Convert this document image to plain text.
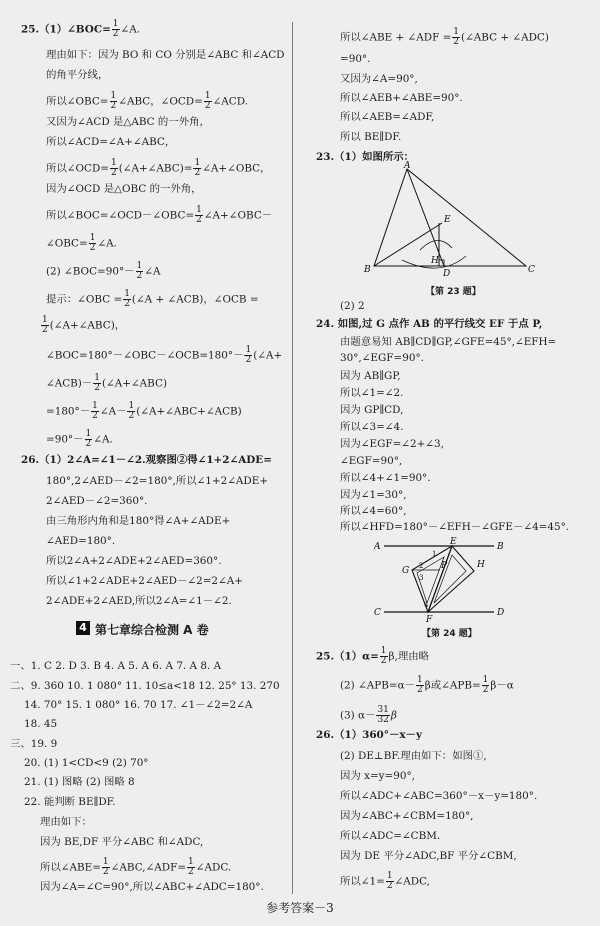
25.（1）∠BOC= $\frac{1}{2}$ ∠A.
理由如下：因为 BO 和 CO 分别是∠ABC 和∠ACD
的角平分线，
所以∠OBC= $\frac{1}{2}$ ∠ABC，∠OCD= $\frac{1}{2}$ ∠ACD.
又因为∠ACD 是△ABC 的一外角，
所以∠ACD=∠A+∠ABC，
所以∠OCD= $\frac{1}{2}$ (∠A+∠ABC)= $\frac{1}{2}$ ∠A+∠OBC，
因为∠OCD 是△OBC 的一外角，
所以∠BOC=∠OCD－∠OBC= $\frac{1}{2}$ ∠A+∠OBC－
∠OBC= $\frac{1}{2}$ ∠A.
(2) ∠BOC=90°－ $\frac{1}{2}$ ∠A
提示：∠OBC = $\frac{1}{2}$ (∠A + ∠ACB)，∠OCB =
$\frac{1}{2}$ (∠A+∠ABC)，
∠BOC=180°－∠OBC－∠OCB=180°－ $\frac{1}{2}$ (∠A+
∠ACB)－ $\frac{1}{2}$ (∠A+∠ABC)
$=180^\circ- \frac{1}{2}$ ∠A－ $\frac{1}{2}$ (∠A+∠ABC+∠ACB)
$=90^\circ- \frac{1}{2}$ ∠A.
26.（1）2∠A=∠1－∠2.观察图②得∠1+2∠ADE=
180°,2∠AED－∠2=180°,所以∠1+2∠ADE+
2∠AED－∠2=360°.
由三角形内角和是180°得∠A+∠ADE+
∠AED=180°.
所以2∠A+2∠ADE+2∠AED=360°.
所以∠1+2∠ADE+2∠AED－∠2=2∠A+
2∠ADE+2∠AED,所以2∠A=∠1－∠2.
4 第七章综合检测 A 卷
一、1. C 2. D 3. B 4. A 5. A 6. A 7. A 8. A
二、9. 360 10. 1 080° 11. 10≤a<18 12. 25° 13. 270
14. 70° 15. 1 080° 16. 70 17. ∠1－∠2=2∠A
18. 45
三、19. 9
20. (1) 1<CD<9 (2) 70°
21. (1) 图略 (2) 图略 8
22. 能判断 BE∥DF.
理由如下：
因为 BE,DF 平分∠ABC 和∠ADC,
所以∠ABE= $\frac{1}{2}$ ∠ABC,∠ADF= $\frac{1}{2}$ ∠ADC.
因为∠A=∠C=90°,所以∠ABC+∠ADC=180°.
所以∠ABE + ∠ADF = $\frac{1}{2}$ (∠ABC + ∠ADC)
=90°.
又因为∠A=90°,
所以∠AEB+∠ABE=90°.
所以∠AEB=∠ADF,
所以 BE∥DF.
23.（1）如图所示：
A
B	C
D
E
H
【第 23 题】
(2) 2
24. 如图,过 G 点作 AB 的平行线交 EF 于点 P,
由题意易知 AB∥CD∥GP,∠GFE=45°,∠EFH=
30°,∠EGF=90°.
因为 AB∥GP,
所以∠1=∠2.
因为 GP∥CD,
所以∠3=∠4.
因为∠EGF=∠2+∠3,
∠EGF=90°,
所以∠4+∠1=90°.
因为∠1=30°,
所以∠4=60°,
所以∠HFD=180°－∠EFH－∠GFE－∠4=45°.
A	B
C	D
E
F
G
H
P
1
2
3
4
【第 24 题】
$25.(1)\alpha= \frac{1}{2} \beta$,理由略
(2) ∠APB=α－ $\frac{1}{2}$ β或∠APB= $\frac{1}{2} \beta-\alpha$
(3) $\alpha- \frac{31}{32}$ β
26.（1）360°－x－y
(2) DE⊥BF.理由如下：如图①,
因为 x=y=90°,
所以∠ADC+∠ABC=360°－x－y=180°.
因为∠ABC+∠CBM=180°,
所以∠ADC=∠CBM.
因为 DE 平分∠ADC,BF 平分∠CBM,
所以∠1= $\frac{1}{2}$ ∠ADC,
参考答案－3
